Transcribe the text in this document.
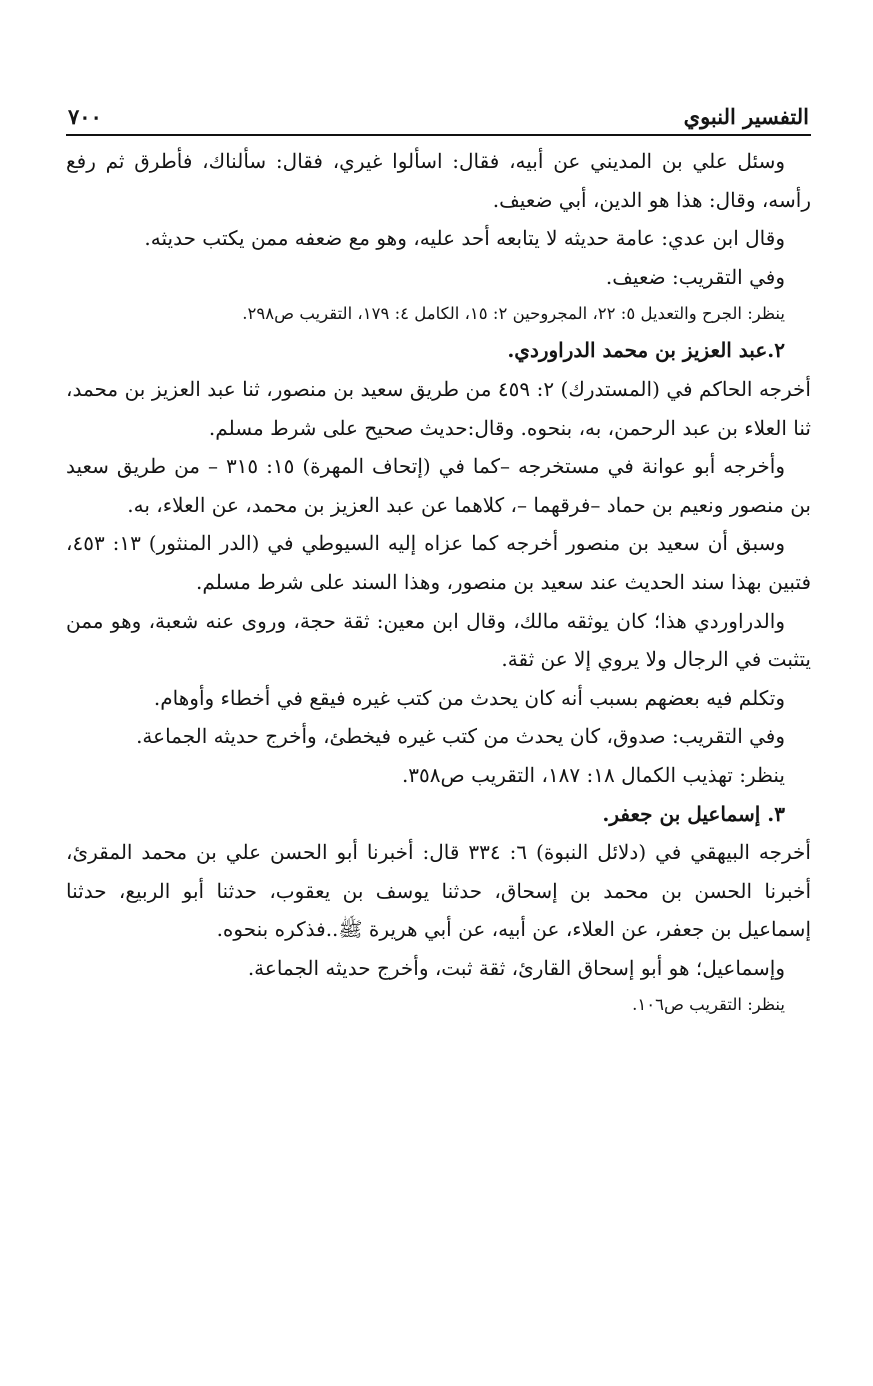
٧٠٠	التفسير النبوي

وسئل علي بن المديني عن أبيه، فقال: اسألوا غيري، فقال: سألناك، فأطرق ثم رفع رأسه، وقال: هذا هو الدين، أبي ضعيف.

وقال ابن عدي: عامة حديثه لا يتابعه أحد عليه، وهو مع ضعفه ممن يكتب حديثه.

وفي التقريب: ضعيف.

ينظر: الجرح والتعديل ٥: ٢٢، المجروحين ٢: ١٥، الكامل ٤: ١٧٩، التقريب ص٢٩٨.

٢.عبد العزيز بن محمد الدراوردي.

أخرجه الحاكم في (المستدرك) ٢: ٤٥٩ من طريق سعيد بن منصور، ثنا عبد العزيز بن محمد، ثنا العلاء بن عبد الرحمن، به، بنحوه. وقال:حديث صحيح على شرط مسلم.

وأخرجه أبو عوانة في مستخرجه –كما في (إتحاف المهرة) ١٥: ٣١٥ – من طريق سعيد بن منصور ونعيم بن حماد –فرقهما –، كلاهما عن عبد العزيز بن محمد، عن العلاء، به.

وسبق أن سعيد بن منصور أخرجه كما عزاه إليه السيوطي في (الدر المنثور) ١٣: ٤٥٣، فتبين بهذا سند الحديث عند سعيد بن منصور، وهذا السند على شرط مسلم.

والدراوردي هذا؛ كان يوثقه مالك، وقال ابن معين: ثقة حجة، وروى عنه شعبة، وهو ممن يتثبت في الرجال ولا يروي إلا عن ثقة.

وتكلم فيه بعضهم بسبب أنه كان يحدث من كتب غيره فيقع في أخطاء وأوهام.

وفي التقريب: صدوق، كان يحدث من كتب غيره فيخطئ، وأخرج حديثه الجماعة.

ينظر: تهذيب الكمال ١٨: ١٨٧، التقريب ص٣٥٨.

٣. إسماعيل بن جعفر.

أخرجه البيهقي في (دلائل النبوة) ٦: ٣٣٤ قال: أخبرنا أبو الحسن علي بن محمد المقرئ، أخبرنا الحسن بن محمد بن إسحاق، حدثنا يوسف بن يعقوب، حدثنا أبو الربيع، حدثنا إسماعيل بن جعفر، عن العلاء، عن أبيه، عن أبي هريرة ﷺ..فذكره بنحوه.

وإسماعيل؛ هو أبو إسحاق القارئ، ثقة ثبت، وأخرج حديثه الجماعة.

ينظر: التقريب ص١٠٦.
